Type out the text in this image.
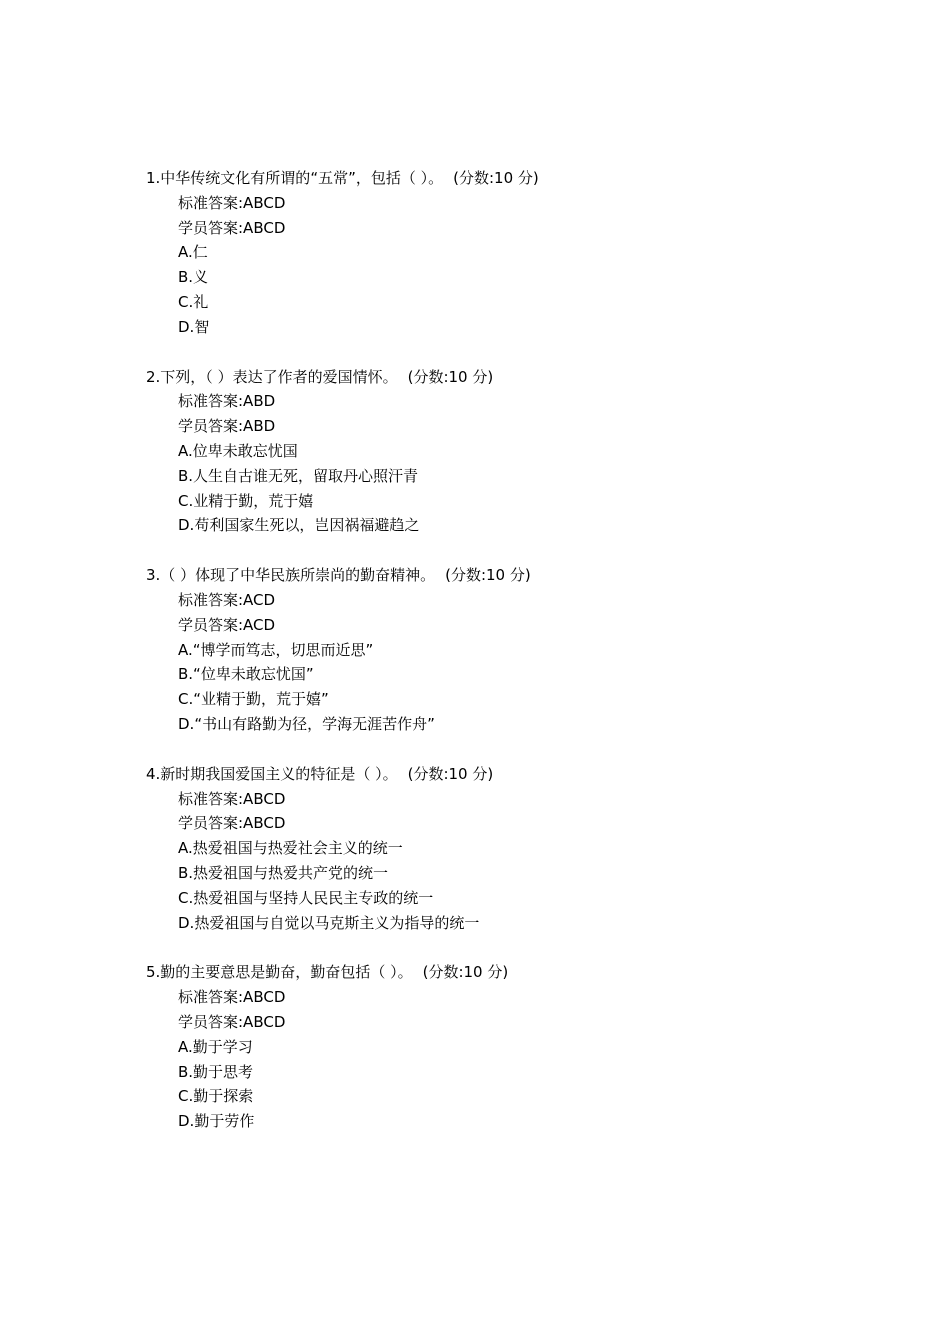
1.中华传统文化有所谓的“五常”，包括（ ）。 (分数:10 分)
标准答案:ABCD
学员答案:ABCD
A.仁
B.义
C.礼
D.智
2.下列，（ ）表达了作者的爱国情怀。 (分数:10 分)
标准答案:ABD
学员答案:ABD
A.位卑未敢忘忧国
B.人生自古谁无死，留取丹心照汗青
C.业精于勤，荒于嬉
D.苟利国家生死以，岂因祸福避趋之
3.（ ）体现了中华民族所崇尚的勤奋精神。 (分数:10 分)
标准答案:ACD
学员答案:ACD
A.“博学而笃志，切思而近思”
B.“位卑未敢忘忧国”
C.“业精于勤，荒于嬉”
D.“书山有路勤为径，学海无涯苦作舟”
4.新时期我国爱国主义的特征是（ ）。 (分数:10 分)
标准答案:ABCD
学员答案:ABCD
A.热爱祖国与热爱社会主义的统一
B.热爱祖国与热爱共产党的统一
C.热爱祖国与坚持人民民主专政的统一
D.热爱祖国与自觉以马克斯主义为指导的统一
5.勤的主要意思是勤奋，勤奋包括（ ）。 (分数:10 分)
标准答案:ABCD
学员答案:ABCD
A.勤于学习
B.勤于思考
C.勤于探索
D.勤于劳作
